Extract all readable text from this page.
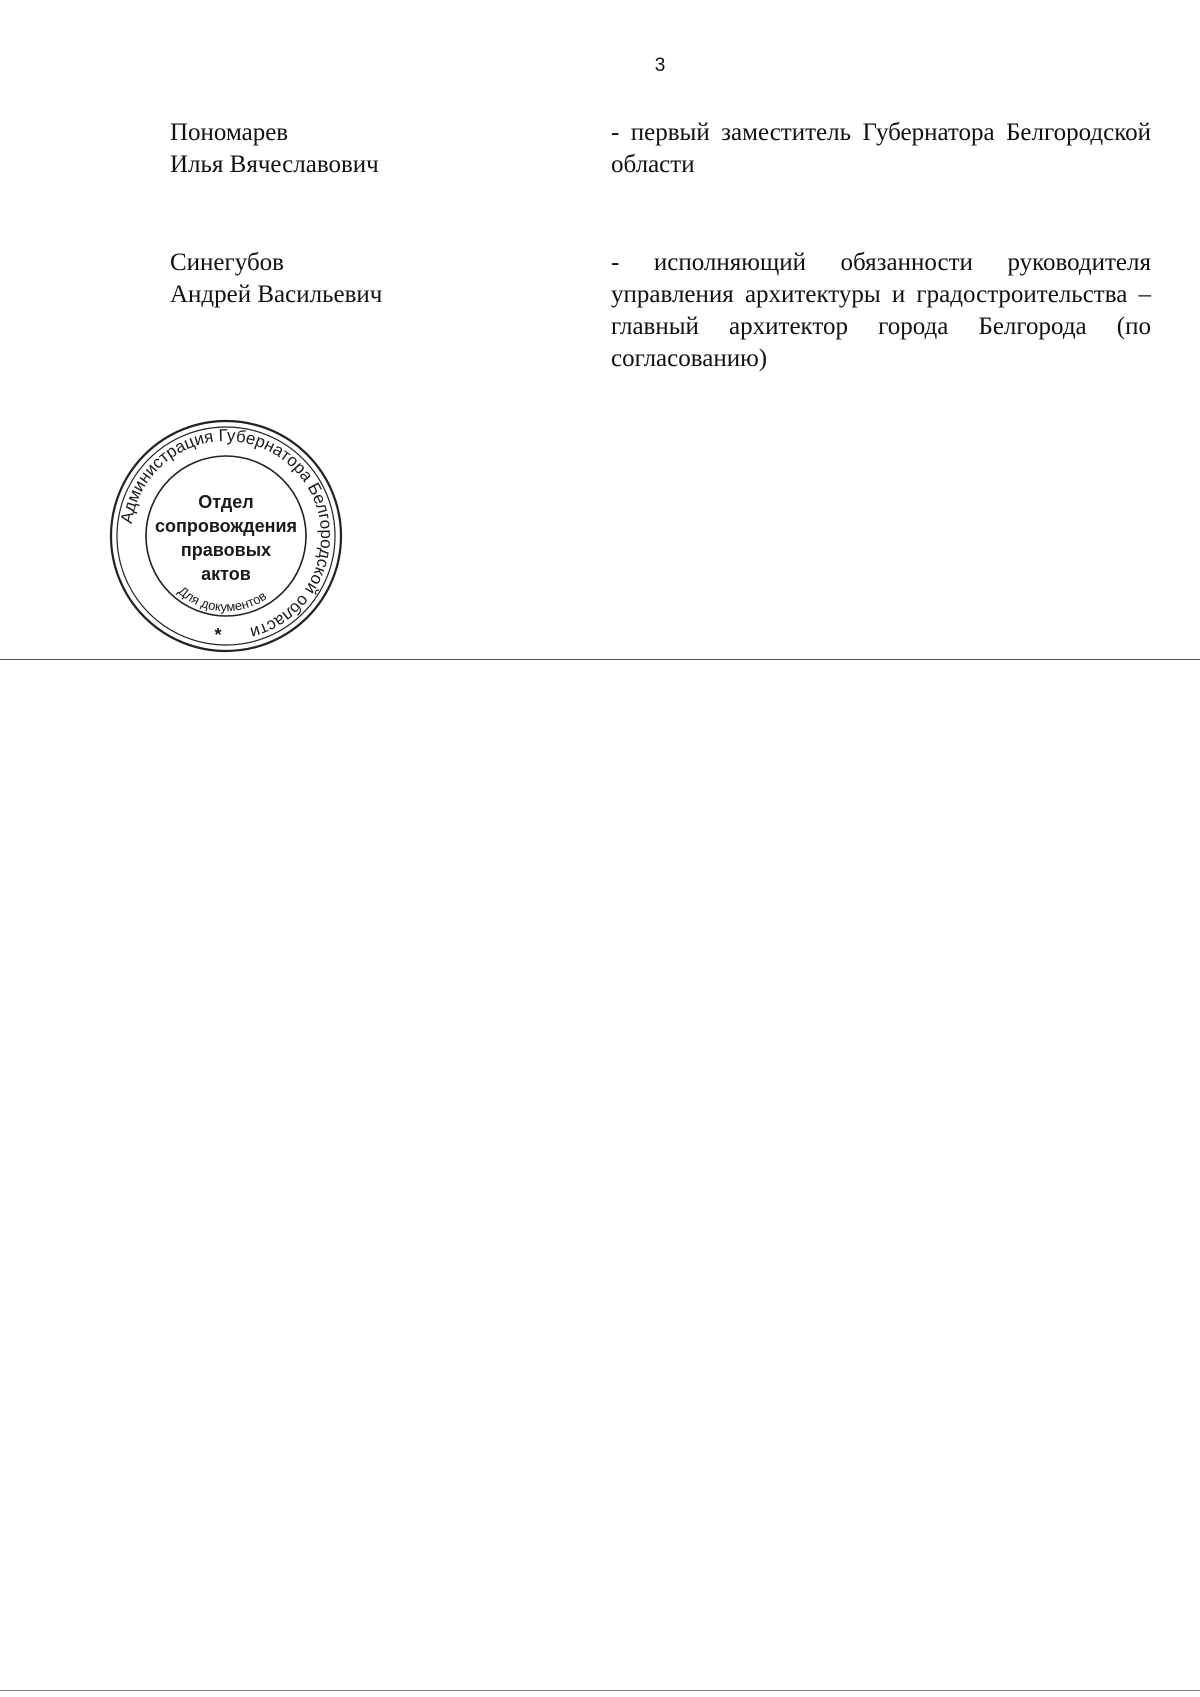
3
Пономарев
Илья Вячеславович
- первый заместитель Губернатора Белгородской области
Синегубов
Андрей Васильевич
- исполняющий обязанности руководителя управления архитектуры и градостроительства – главный архитектор города Белгорода (по согласованию)
Администрация Губернатора Белгородской области
Для документов
Отдел
сопровождения
правовых
актов
*
